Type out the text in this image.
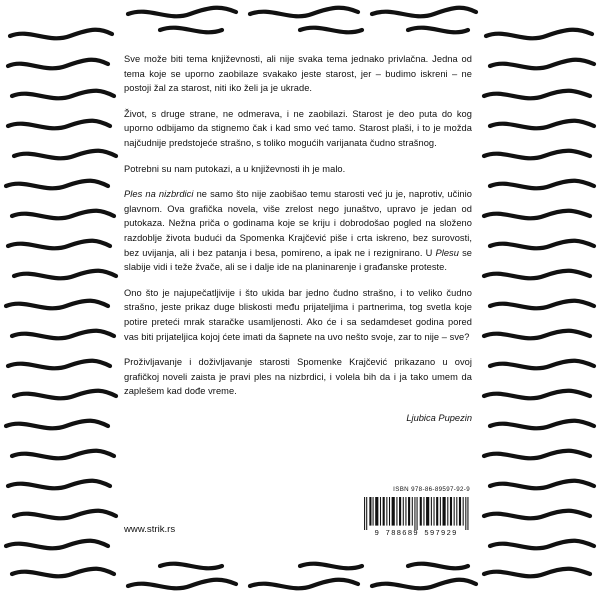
Sve može biti tema književnosti, ali nije svaka tema jednako privlačna. Jedna od tema koje se uporno zaobilaze svakako jeste starost, jer – budimo iskreni – ne postoji žal za starost, niti iko želi ja je ukrade.

Život, s druge strane, ne odmerava, i ne zaobilazi. Starost je deo puta do kog uporno odbijamo da stignemo čak i kad smo već tamo. Starost plaši, i to je možda najčudnije predstojeće strašno, s toliko mogućih varijanata čudno strašnog.

Potrebni su nam putokazi, a u književnosti ih je malo.

Ples na nizbrdici ne samo što nije zaobišao temu starosti već ju je, naprotiv, učinio glavnom. Ova grafička novela, više zrelost nego junaštvo, upravo je jedan od putokaza. Nežna priča o godinama koje se kriju i dobrodošao pogled na složeno razdoblje života budući da Spomenka Krajčević piše i crta iskreno, bez surovosti, bez uvijanja, ali i bez patanja i besa, pomireno, a ipak ne i rezignirano. U Plesu se slabije vidi i teže žvače, ali se i dalje ide na planinarenje i građanske proteste.

Ono što je najupečatljivije i što ukida bar jedno čudno strašno, i to veliko čudno strašno, jeste prikaz duge bliskosti među prijateljima i partnerima, tog svetla koje potire preteći mrak staračke usamljenosti. Ako će i sa sedamdeset godina pored vas biti prijateljica kojoj ćete imati da šapnete na uvo nešto svoje, zar to nije – sve?

Proživljavanje i doživljavanje starosti Spomenke Krajčević prikazano u ovoj grafičkoj noveli zaista je pravi ples na nizbrdici, i volela bih da i ja tako umem da zaplešem kad dođe vreme.

Ljubica Pupezin
www.strik.rs
ISBN 978-86-89597-92-9
9 788689 597929
